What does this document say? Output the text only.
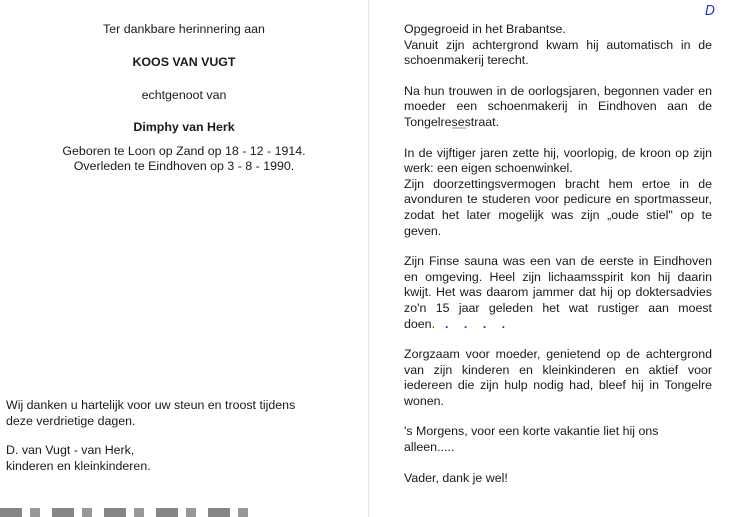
Ter dankbare herinnering aan
KOOS VAN VUGT
echtgenoot van
Dimphy van Herk
Geboren te Loon op Zand op 18 - 12 - 1914.
Overleden te Eindhoven op 3 - 8 - 1990.
Wij danken u hartelijk voor uw steun en troost tijdens
deze verdrietige dagen.
D. van Vugt - van Herk,
kinderen en kleinkinderen.
D

Opgegroeid in het Brabantse.
Vanuit zijn achtergrond kwam hij automatisch in de schoenmakerij terecht.

Na hun trouwen in de oorlogsjaren, begonnen vader en moeder een schoenmakerij in Eindhoven aan de Tongelresestraat.

In de vijftiger jaren zette hij, voorlopig, de kroon op zijn werk: een eigen schoenwinkel.
Zijn doorzettingsvermogen bracht hem ertoe in de avonduren te studeren voor pedicure en sportmasseur, zodat het later mogelijk was zijn „oude stiel" op te geven.

Zijn Finse sauna was een van de eerste in Eindhoven en omgeving. Heel zijn lichaamsspirit kon hij daarin kwijt. Het was daarom jammer dat hij op doktersadvies zo'n 15 jaar geleden het wat rustiger aan moest doen. . . . .

Zorgzaam voor moeder, genietend op de achtergrond van zijn kinderen en kleinkinderen en aktief voor iedereen die zijn hulp nodig had, bleef hij in Tongelre wonen.

's Morgens, voor een korte vakantie liet hij ons alleen.....

Vader, dank je wel!
